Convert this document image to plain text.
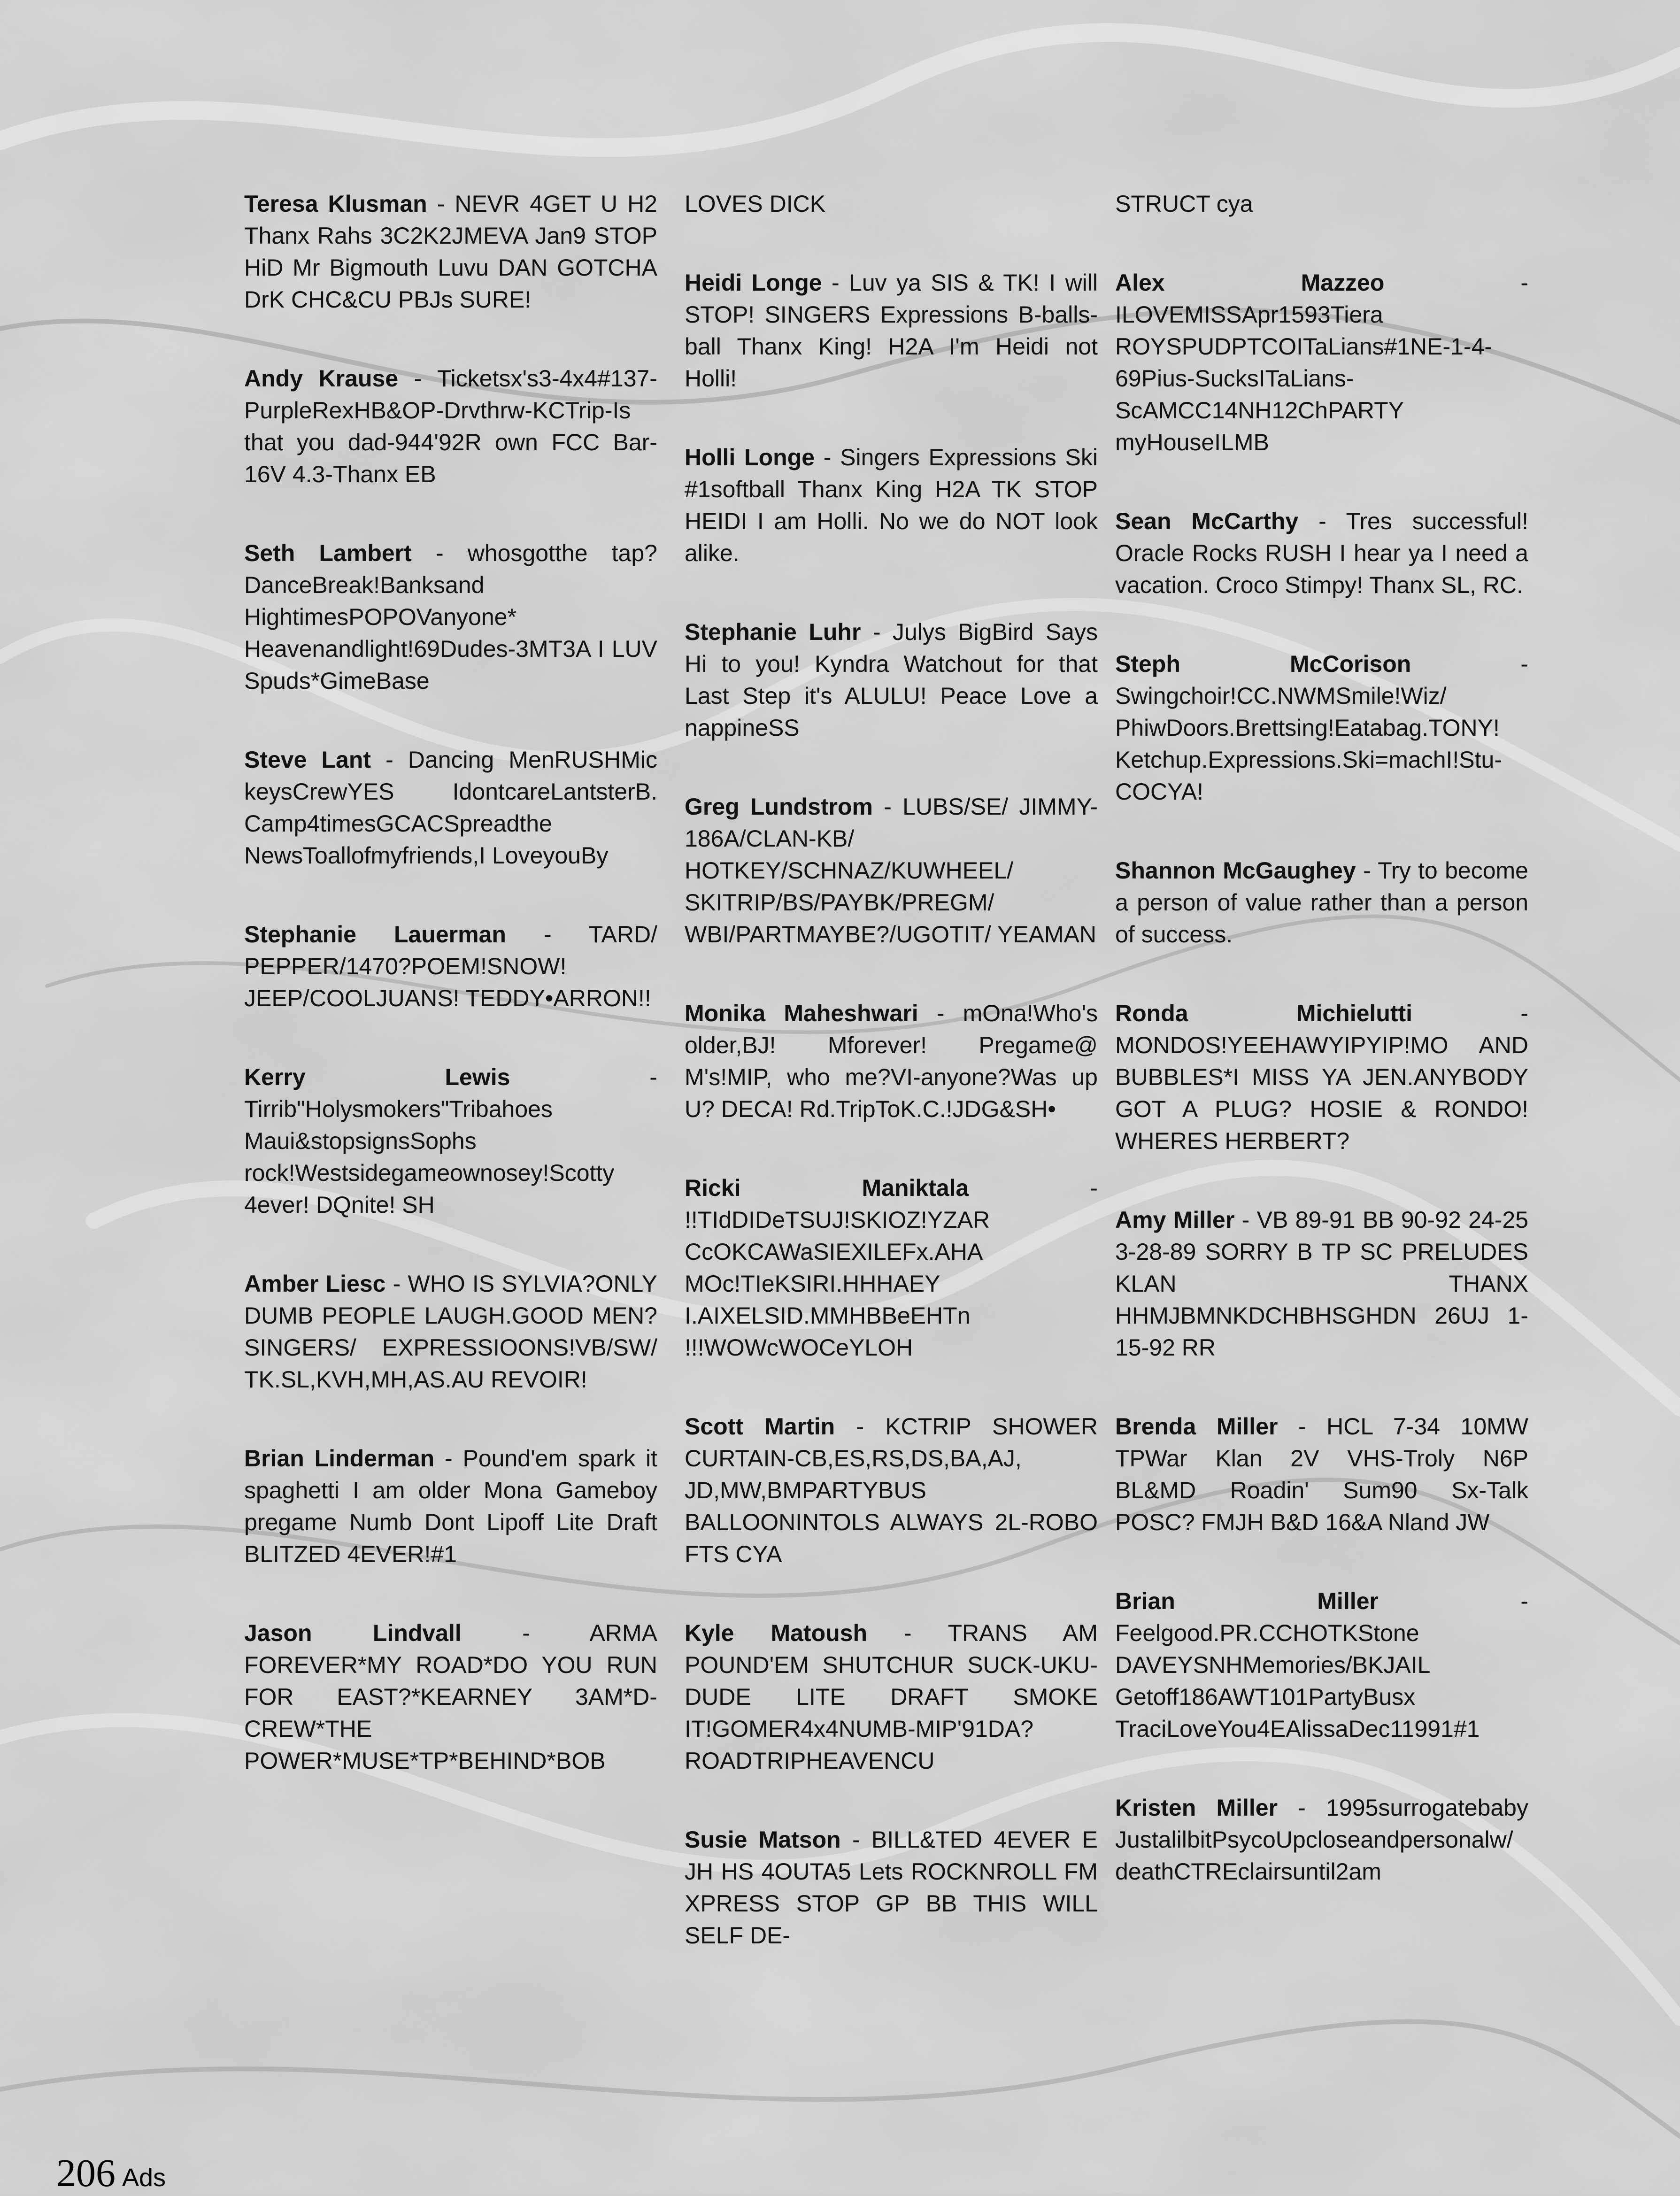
Teresa Klusman - NEVR 4GET U H2 Thanx Rahs 3C2K2JMEVA Jan9 STOP HiD Mr Bigmouth Luvu DAN GOTCHA DrK CHC&CU PBJs SURE!
Andy Krause - Ticketsx's3-4x4#137-PurpleRexHB&OP-Drvthrw-KCTrip-Is that you dad-944'92R own FCC Bar-16V 4.3-Thanx EB
Seth Lambert - whosgotthe tap?DanceBreak!Banksand HightimesPOPOVanyone* Heavenandlight!69Dudes-3MT3A I LUV Spuds*GimeBase
Steve Lant - Dancing MenRUSHMic keysCrewYES IdontcareLantsterB. Camp4timesGCACSpreadthe NewsToallofmyfriends,I LoveyouBy
Stephanie Lauerman - TARD/ PEPPER/1470?POEM!SNOW! JEEP/COOLJUANS! TEDDY•ARRON!!
Kerry Lewis - Tirrib"Holysmokers"Tribahoes Maui&stopsignsSophs rock!Westsidegameownosey!Scotty 4ever! DQnite! SH
Amber Liesc - WHO IS SYLVIA?ONLY DUMB PEOPLE LAUGH.GOOD MEN? SINGERS/ EXPRESSIOONS!VB/SW/ TK.SL,KVH,MH,AS.AU REVOIR!
Brian Linderman - Pound'em spark it spaghetti I am older Mona Gameboy pregame Numb Dont Lipoff Lite Draft BLITZED 4EVER!#1
Jason Lindvall - ARMA FOREVER*MY ROAD*DO YOU RUN FOR EAST?*KEARNEY 3AM*D-CREW*THE POWER*MUSE*TP*BEHIND*BOB
LOVES DICK
Heidi Longe - Luv ya SIS & TK! I will STOP! SINGERS Expressions B-balls-ball Thanx King! H2A I'm Heidi not Holli!
Holli Longe - Singers Expressions Ski #1softball Thanx King H2A TK STOP HEIDI I am Holli. No we do NOT look alike.
Stephanie Luhr - Julys BigBird Says Hi to you! Kyndra Watchout for that Last Step it's ALULU! Peace Love a nappineSS
Greg Lundstrom - LUBS/SE/ JIMMY-186A/CLAN-KB/ HOTKEY/SCHNAZ/KUWHEEL/ SKITRIP/BS/PAYBK/PREGM/ WBI/PARTMAYBE?/UGOTIT/ YEAMAN
Monika Maheshwari - mOna!Who's older,BJ! Mforever! Pregame@ M's!MIP, who me?VI-anyone?Was up U? DECA! Rd.TripToK.C.!JDG&SH•
Ricki Maniktala - !!TIdDIDeTSUJ!SKIOZ!YZAR CcOKCAWaSIEXILEFx.AHA MOc!TIeKSIRI.HHHAEY I.AIXELSID.MMHBBeEHTn !!!WOWcWOCeYLOH
Scott Martin - KCTRIP SHOWER CURTAIN-CB,ES,RS,DS,BA,AJ, JD,MW,BMPARTYBUS BALLOONINTOLS ALWAYS 2L-ROBO FTS CYA
Kyle Matoush - TRANS AM POUND'EM SHUTCHUR SUCK-UKU-DUDE LITE DRAFT SMOKE IT!GOMER4x4NUMB-MIP'91DA?ROADTRIPHEAVENCU
Susie Matson - BILL&TED 4EVER E JH HS 4OUTA5 Lets ROCKNROLL FM XPRESS STOP GP BB THIS WILL SELF DE-
STRUCT cya
Alex Mazzeo - ILOVEMISSApr1593Tiera ROYSPUDPTCOITaLians#1NE-1-4-69Pius-SucksITaLians-ScAMCC14NH12ChPARTY myHouseILMB
Sean McCarthy - Tres successful! Oracle Rocks RUSH I hear ya I need a vacation. Croco Stimpy! Thanx SL, RC.
Steph McCorison - Swingchoir!CC.NWMSmile!Wiz/ PhiwDoors.Brettsing!Eatabag.TONY! Ketchup.Expressions.Ski=machI!Stu-COCYA!
Shannon McGaughey - Try to become a person of value rather than a person of success.
Ronda Michielutti - MONDOS!YEEHAWYIPYIP!MO AND BUBBLES*I MISS YA JEN.ANYBODY GOT A PLUG? HOSIE & RONDO! WHERES HERBERT?
Amy Miller - VB 89-91 BB 90-92 24-25 3-28-89 SORRY B TP SC PRELUDES KLAN THANX HHMJBMNKDCHBHSGHDN 26UJ 1-15-92 RR
Brenda Miller - HCL 7-34 10MW TPWar Klan 2V VHS-Troly N6P BL&MD Roadin' Sum90 Sx-Talk POSC? FMJH B&D 16&A Nland JW
Brian Miller - Feelgood.PR.CCHOTKStone DAVEYSNHMemories/BKJAIL Getoff186AWT101PartyBusx TraciLoveYou4EAlissaDec11991#1
Kristen Miller - 1995surrogatebaby JustalilbitPsycoUpcloseandpersonalw/ deathCTREclairsuntil2am
206 Ads
